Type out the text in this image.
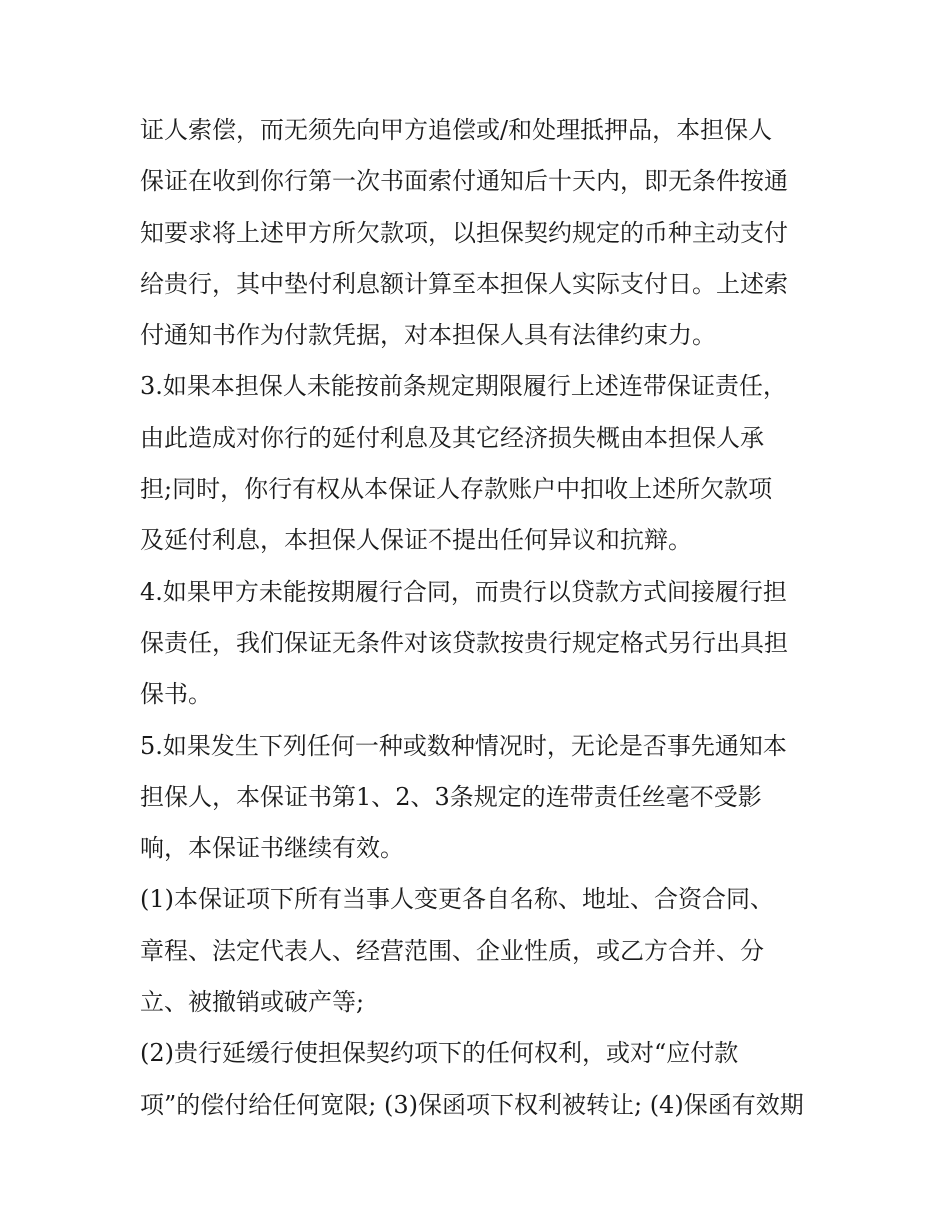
证人索偿，而无须先向甲方追偿或/和处理抵押品，本担保人
保证在收到你行第一次书面索付通知后十天内，即无条件按通
知要求将上述甲方所欠款项，以担保契约规定的币种主动支付
给贵行，其中垫付利息额计算至本担保人实际支付日。上述索
付通知书作为付款凭据，对本担保人具有法律约束力。
3.如果本担保人未能按前条规定期限履行上述连带保证责任，
由此造成对你行的延付利息及其它经济损失概由本担保人承
担;同时，你行有权从本保证人存款账户中扣收上述所欠款项
及延付利息，本担保人保证不提出任何异议和抗辩。
4.如果甲方未能按期履行合同，而贵行以贷款方式间接履行担
保责任，我们保证无条件对该贷款按贵行规定格式另行出具担
保书。
5.如果发生下列任何一种或数种情况时，无论是否事先通知本
担保人，本保证书第1、2、3条规定的连带责任丝毫不受影
响，本保证书继续有效。
(1)本保证项下所有当事人变更各自名称、地址、合资合同、
章程、法定代表人、经营范围、企业性质，或乙方合并、分
立、被撤销或破产等;
(2)贵行延缓行使担保契约项下的任何权利，或对“应付款
项”的偿付给任何宽限; (3)保函项下权利被转让; (4)保函有效期
